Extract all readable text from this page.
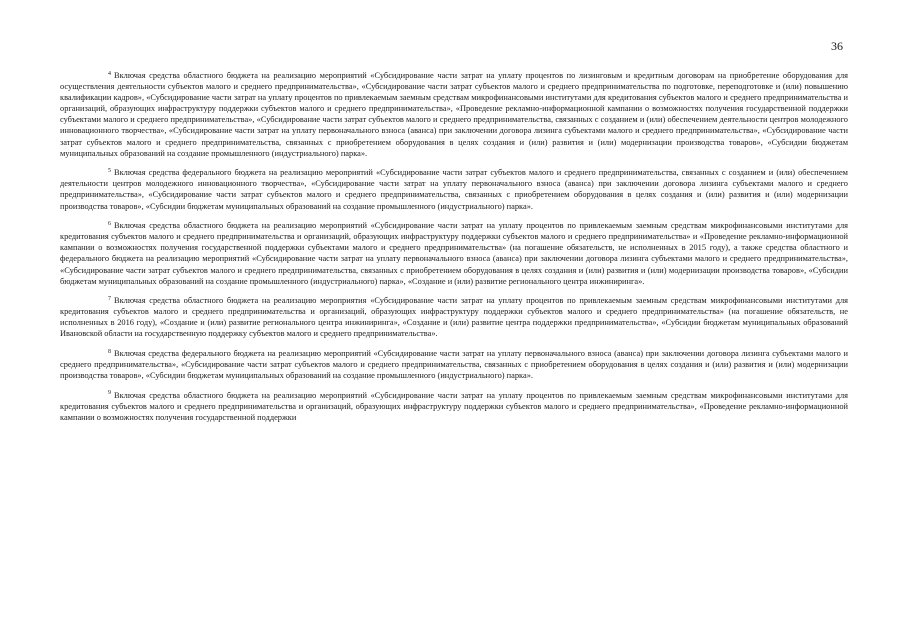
36

$^4$ Включая средства областного бюджета на реализацию мероприятий «Субсидирование части затрат на уплату процентов по лизинговым и кредитным договорам на приобретение оборудования для осуществления деятельности субъектов малого и среднего предпринимательства», «Субсидирование части затрат субъектов малого и среднего предпринимательства по подготовке, переподготовке и (или) повышению квалификации кадров», «Субсидирование части затрат на уплату процентов по привлекаемым заемным средствам микрофинансовыми институтами для кредитования субъектов малого и среднего предпринимательства и организаций, образующих инфраструктуру поддержки субъектов малого и среднего предпринимательства», «Проведение рекламно-информационной кампании о возможностях получения государственной поддержки субъектами малого и среднего предпринимательства», «Субсидирование части затрат субъектов малого и среднего предпринимательства, связанных с созданием и (или) обеспечением деятельности центров молодежного инновационного творчества», «Субсидирование части затрат на уплату первоначального взноса (аванса) при заключении договора лизинга субъектами малого и среднего предпринимательства», «Субсидирование части затрат субъектов малого и среднего предпринимательства, связанных с приобретением оборудования в целях создания и (или) развития и (или) модернизации производства товаров», «Субсидии бюджетам муниципальных образований на создание промышленного (индустриального) парка».

$^5$ Включая средства федерального бюджета на реализацию мероприятий «Субсидирование части затрат субъектов малого и среднего предпринимательства, связанных с созданием и (или) обеспечением деятельности центров молодежного инновационного творчества», «Субсидирование части затрат на уплату первоначального взноса (аванса) при заключении договора лизинга субъектами малого и среднего предпринимательства», «Субсидирование части затрат субъектов малого и среднего предпринимательства, связанных с приобретением оборудования в целях создания и (или) развития и (или) модернизации производства товаров», «Субсидии бюджетам муниципальных образований на создание промышленного (индустриального) парка».

$^6$ Включая средства областного бюджета на реализацию мероприятий «Субсидирование части затрат на уплату процентов по привлекаемым заемным средствам микрофинансовыми институтами для кредитования субъектов малого и среднего предпринимательства и организаций, образующих инфраструктуру поддержки субъектов малого и среднего предпринимательства» и «Проведение рекламно-информационной кампании о возможностях получения государственной поддержки субъектами малого и среднего предпринимательства» (на погашение обязательств, не исполненных в 2015 году), а также средства областного и федерального бюджета на реализацию мероприятий «Субсидирование части затрат на уплату первоначального взноса (аванса) при заключении договора лизинга субъектами малого и среднего предпринимательства», «Субсидирование части затрат субъектов малого и среднего предпринимательства, связанных с приобретением оборудования в целях создания и (или) развития и (или) модернизации производства товаров», «Субсидии бюджетам муниципальных образований на создание промышленного (индустриального) парка», «Создание и (или) развитие регионального центра инжиниринга».

$^7$ Включая средства областного бюджета на реализацию мероприятия «Субсидирование части затрат на уплату процентов по привлекаемым заемным средствам микрофинансовыми институтами для кредитования субъектов малого и среднего предпринимательства и организаций, образующих инфраструктуру поддержки субъектов малого и среднего предпринимательства» (на погашение обязательств, не исполненных в 2016 году), «Создание и (или) развитие регионального центра инжиниринга», «Создание и (или) развитие центра поддержки предпринимательства», «Субсидии бюджетам муниципальных образований Ивановской области на государственную поддержку субъектов малого и среднего предпринимательства».

$^8$ Включая средства федерального бюджета на реализацию мероприятий «Субсидирование части затрат на уплату первоначального взноса (аванса) при заключении договора лизинга субъектами малого и среднего предпринимательства», «Субсидирование части затрат субъектов малого и среднего предпринимательства, связанных с приобретением оборудования в целях создания и (или) развития и (или) модернизации производства товаров», «Субсидии бюджетам муниципальных образований на создание промышленного (индустриального) парка».

$^9$ Включая средства областного бюджета на реализацию мероприятий «Субсидирование части затрат на уплату процентов по привлекаемым заемным средствам микрофинансовыми институтами для кредитования субъектов малого и среднего предпринимательства и организаций, образующих инфраструктуру поддержки субъектов малого и среднего предпринимательства», «Проведение рекламно-информационной кампании о возможностях получения государственной поддержки
